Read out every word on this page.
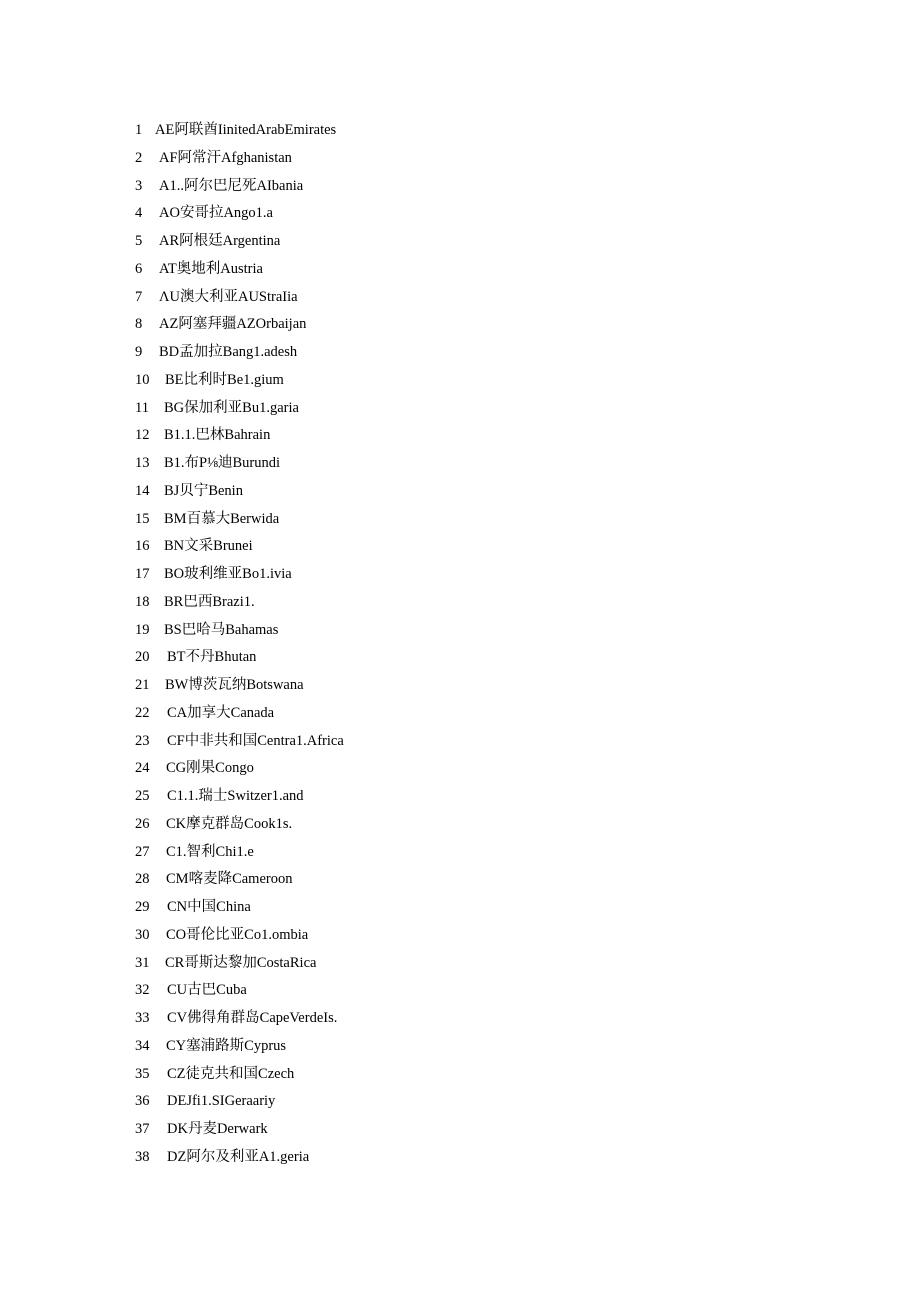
1 AE阿联酋IinitedArabEmirates
2	AF阿常汗Afghanistan
3	A1..阿尔巴尼死AIbania
4	AO安哥拉Ango1.a
5	AR阿根廷Argentina
6	AT奥地利Austria
7	ΛU澳大利亚AUStraIia
8	AZ阿塞拜疆AZOrbaijan
9	BD孟加拉Bang1.adesh
10	BE比利时Be1.gium
11	BG保加利亚Bu1.garia
12	B1.1.巴林Bahrain
13	B1.布P⅛迪Burundi
14	BJ贝宁Benin
15	BM百慕大Berwida
16	BN文采Brunei
17	BO玻利维亚Bo1.ivia
18	BR巴西Brazi1.
19	BS巴哈马Bahamas
20	BT不丹Bhutan
21	BW博茨瓦纳Botswana
22	CA加享大Canada
23	CF中非共和国Centra1.Africa
24	CG刚果Congo
25	C1.1.瑞士Switzer1.and
26	CK摩克群岛Cook1s.
27	C1.智利Chi1.e
28	CM喀麦降Cameroon
29	CN中国China
30	CO哥伦比亚Co1.ombia
31	CR哥斯达黎加CostaRica
32	CU古巴Cuba
33	CV佛得角群岛CapeVerdeIs.
34	CY塞浦路斯Cyprus
35	CZ徒克共和国Czech
36	DEJfi1.SIGeraariy
37	DK丹麦Derwark
38	DZ阿尔及利亚A1.geria
